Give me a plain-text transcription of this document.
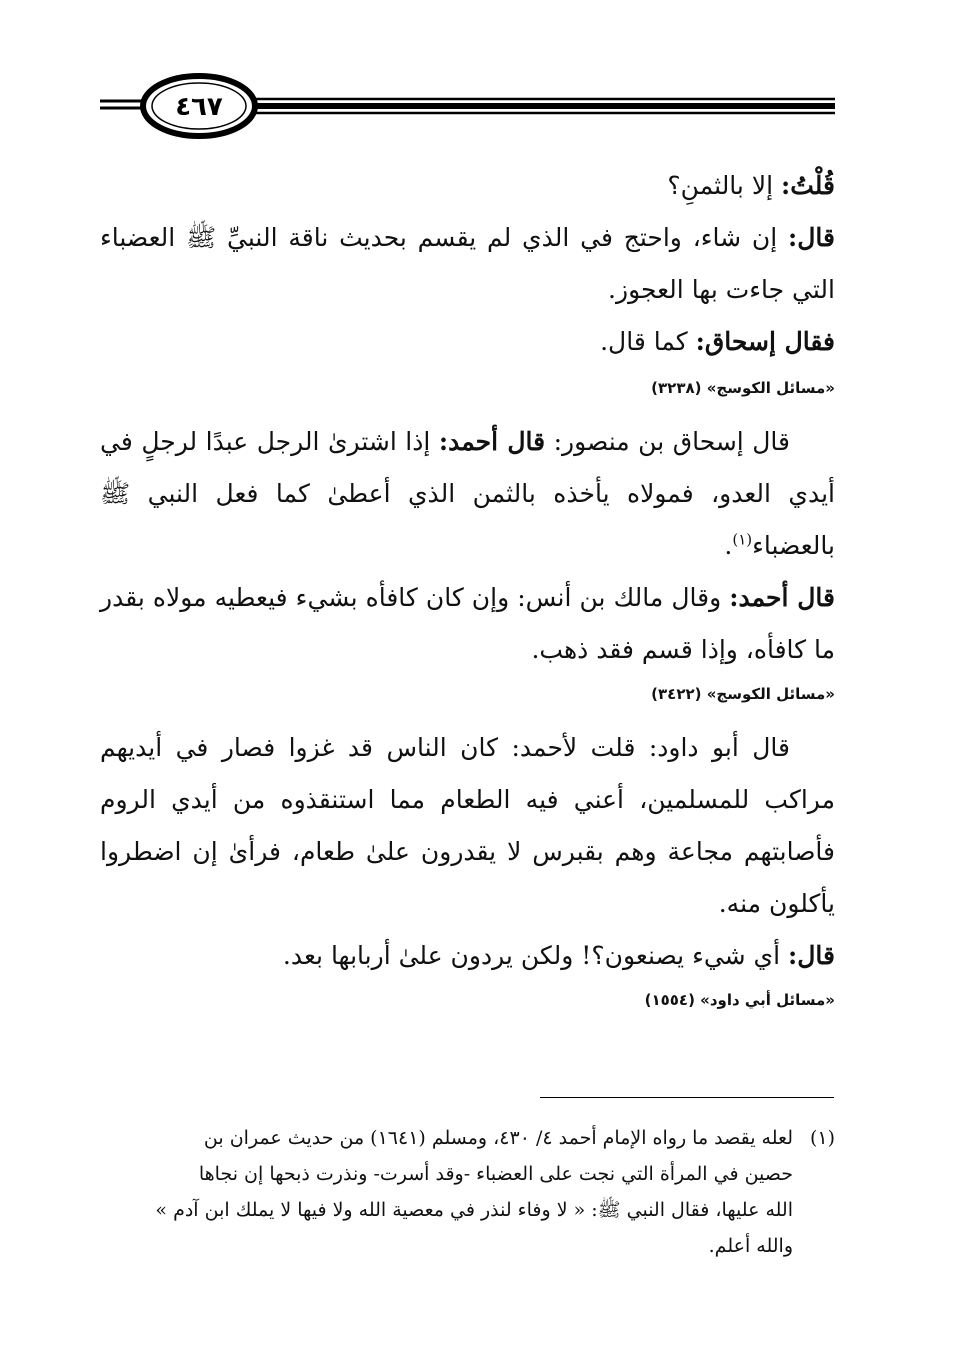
٤٦٧

قُلْتُ: إلا بالثمنِ؟

قال: إن شاء، واحتج في الذي لم يقسم بحديث ناقة النبيِّ ﷺ العضباء التي جاءت بها العجوز.

فقال إسحاق: كما قال.

«مسائل الكوسج» (٣٢٣٨)

قال إسحاق بن منصور: قال أحمد: إذا اشترىٰ الرجل عبدًا لرجلٍ في أيدي العدو، فمولاه يأخذه بالثمن الذي أعطىٰ كما فعل النبي ﷺ بالعضباء$^{(١)}$.

قال أحمد: وقال مالك بن أنس: وإن كان كافأه بشيء فيعطيه مولاه بقدر ما كافأه، وإذا قسم فقد ذهب.

«مسائل الكوسج» (٣٤٢٢)

قال أبو داود: قلت لأحمد: كان الناس قد غزوا فصار في أيديهم مراكب للمسلمين، أعني فيه الطعام مما استنقذوه من أيدي الروم فأصابتهم مجاعة وهم بقبرس لا يقدرون علىٰ طعام، فرأىٰ إن اضطروا يأكلون منه.

قال: أي شيء يصنعون؟! ولكن يردون علىٰ أربابها بعد.

«مسائل أبي داود» (١٥٥٤)
(١)لعله يقصد ما رواه الإمام أحمد ٤/ ٤٣٠، ومسلم (١٦٤١) من حديث عمران بن
حصين في المرأة التي نجت على العضباء -وقد أسرت- ونذرت ذبحها إن نجاها
الله عليها، فقال النبي ﷺ: « لا وفاء لنذر في معصية الله ولا فيها لا يملك ابن آدم »
والله أعلم.
